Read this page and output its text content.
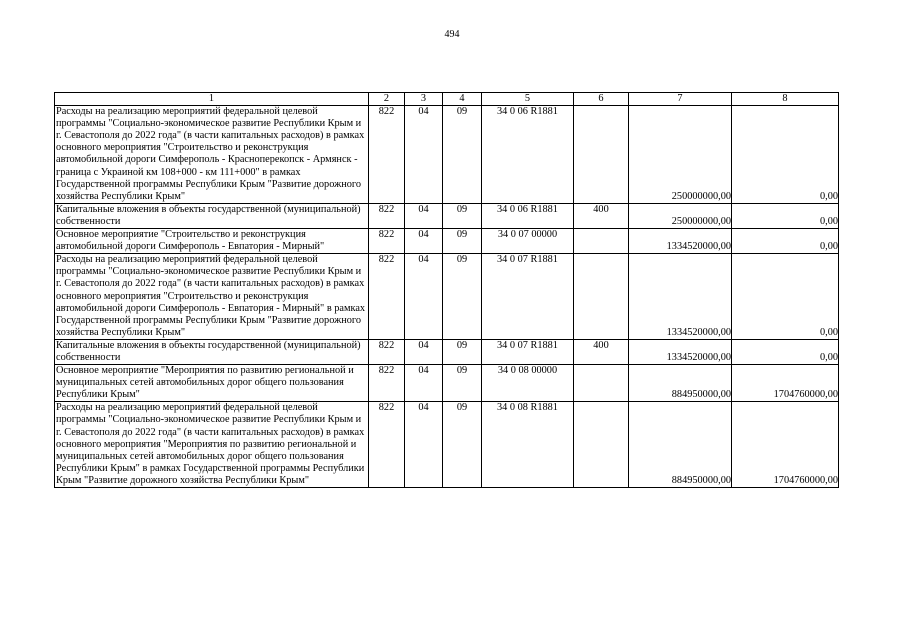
494
1	2	3	4	5	6	7	8
Расходы на реализацию мероприятий федеральной целевой программы "Социально-экономическое развитие Республики Крым и г. Севастополя до 2022 года" (в части капитальных расходов) в рамках основного мероприятия "Строительство и реконструкция автомобильной дороги Симферополь - Красноперекопск - Армянск - граница с Украиной км 108+000 - км 111+000" в рамках Государственной программы Республики Крым "Развитие дорожного хозяйства Республики Крым"	822	04	09	34 0 06 R1881		250000000,00	0,00
Капитальные вложения в объекты государственной (муниципальной) собственности	822	04	09	34 0 06 R1881	400	250000000,00	0,00
Основное мероприятие "Строительство и реконструкция автомобильной дороги Симферополь - Евпатория - Мирный"	822	04	09	34 0 07 00000		1334520000,00	0,00
Расходы на реализацию мероприятий федеральной целевой программы "Социально-экономическое развитие Республики Крым и г. Севастополя до 2022 года" (в части капитальных расходов) в рамках основного мероприятия "Строительство и реконструкция автомобильной дороги Симферополь - Евпатория - Мирный" в рамках Государственной программы Республики Крым "Развитие дорожного хозяйства Республики Крым"	822	04	09	34 0 07 R1881		1334520000,00	0,00
Капитальные вложения в объекты государственной (муниципальной) собственности	822	04	09	34 0 07 R1881	400	1334520000,00	0,00
Основное мероприятие "Мероприятия по развитию региональной и муниципальных сетей автомобильных дорог общего пользования Республики Крым"	822	04	09	34 0 08 00000		884950000,00	1704760000,00
Расходы на реализацию мероприятий федеральной целевой программы "Социально-экономическое развитие Республики Крым и г. Севастополя до 2022 года" (в части капитальных расходов) в рамках основного мероприятия "Мероприятия по развитию региональной и муниципальных сетей автомобильных дорог общего пользования Республики Крым" в рамках Государственной программы Республики Крым "Развитие дорожного хозяйства Республики Крым"	822	04	09	34 0 08 R1881		884950000,00	1704760000,00
